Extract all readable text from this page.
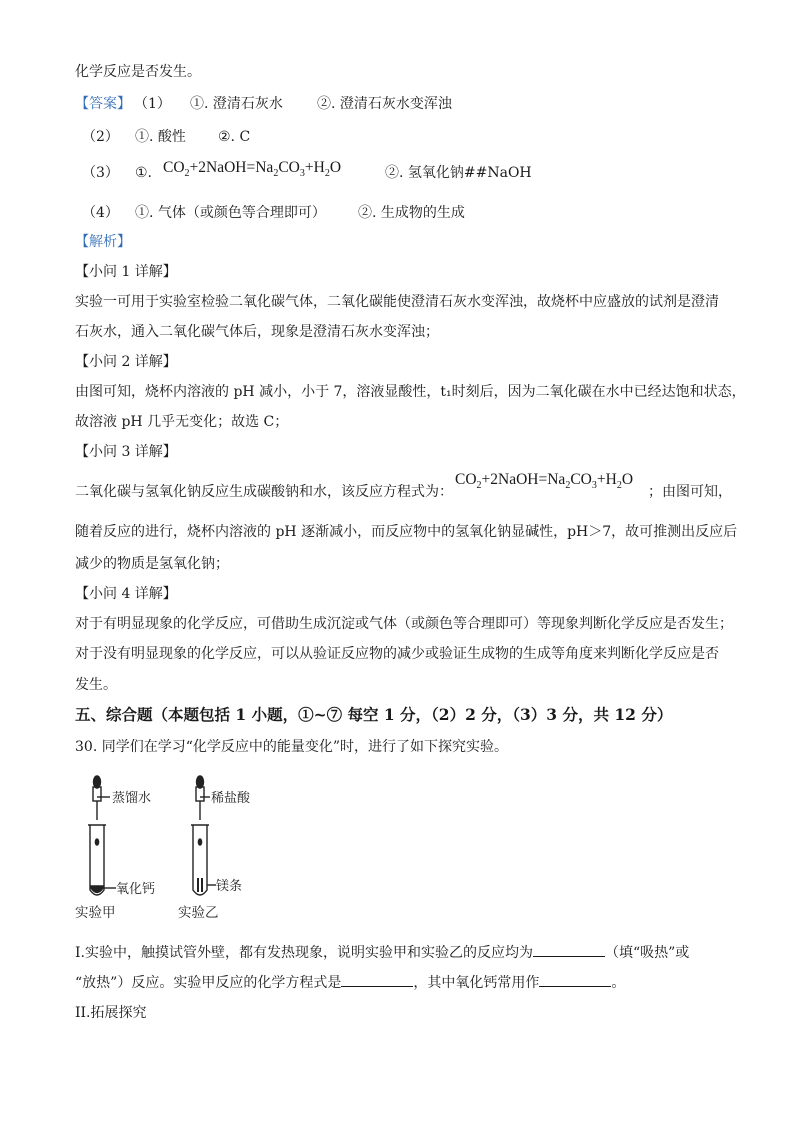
化学反应是否发生。
【答案】 （1） ①. 澄清石灰水 ②. 澄清石灰水变浑浊
（2） ①. 酸性 ②. C
（3） ①. $CO_2+2NaOH=Na_2CO_3+H_2O$	②. 氢氧化钠##NaOH
（4） ①. 气体（或颜色等合理即可） ②. 生成物的生成
【解析】
【小问 1 详解】
实验一可用于实验室检验二氧化碳气体，二氧化碳能使澄清石灰水变浑浊，故烧杯中应盛放的试剂是澄清
石灰水，通入二氧化碳气体后，现象是澄清石灰水变浑浊；
【小问 2 详解】
由图可知，烧杯内溶液的 pH 减小，小于 7，溶液显酸性，t₁时刻后，因为二氧化碳在水中已经达饱和状态，
故溶液 pH 几乎无变化；故选 C；
【小问 3 详解】
二氧化碳与氢氧化钠反应生成碳酸钠和水，该反应方程式为：
$CO_2+2NaOH=Na_2CO_3+H_2O$
；由图可知，
随着反应的进行，烧杯内溶液的 pH 逐渐减小，而反应物中的氢氧化钠显碱性，pH＞7，故可推测出反应后
减少的物质是氢氧化钠；
【小问 4 详解】
对于有明显现象的化学反应，可借助生成沉淀或气体（或颜色等合理即可）等现象判断化学反应是否发生；
对于没有明显现象的化学反应，可以从验证反应物的减少或验证生成物的生成等角度来判断化学反应是否
发生。
五、综合题（本题包括 1 小题，①~⑦ 每空 1 分，（2）2 分，（3）3 分，共 12 分）
30. 同学们在学习“化学反应中的能量变化”时，进行了如下探究实验。
蒸馏水
氧化钙
实验甲
稀盐酸
镁条
实验乙
Ⅰ.实验中，触摸试管外壁，都有发热现象，说明实验甲和实验乙的反应均为	（填“吸热”或
“放热”）反应。实验甲反应的化学方程式是	，其中氧化钙常用作	。
II.拓展探究
